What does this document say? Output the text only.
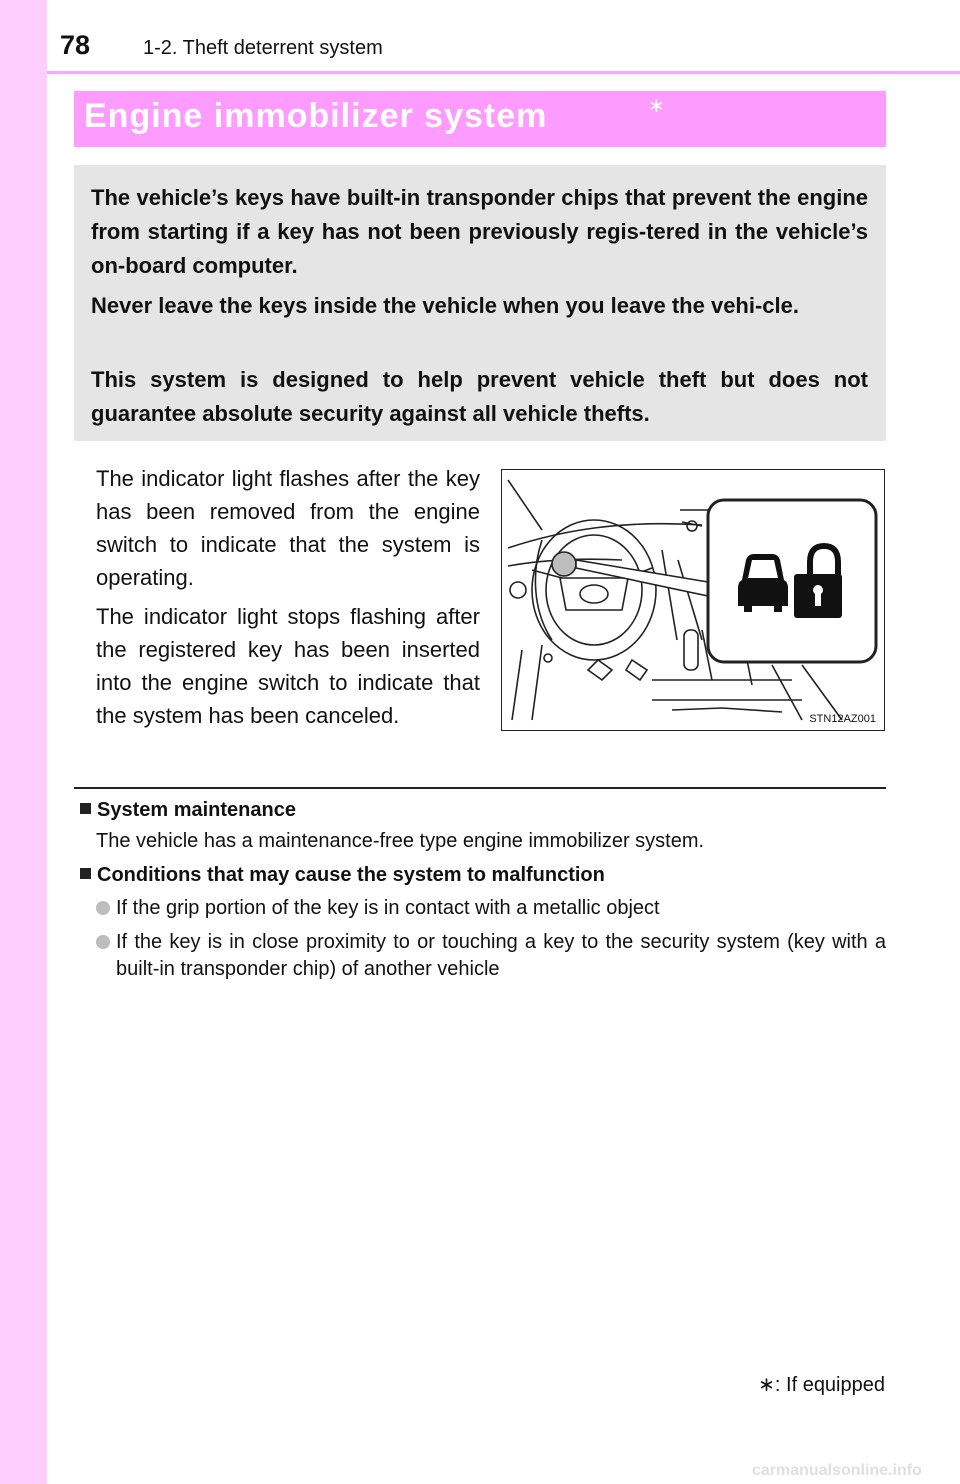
78	1-2. Theft deterrent system
Engine immobilizer system	∗

The vehicle’s keys have built-in transponder chips that prevent the engine from starting if a key has not been previously regis-tered in the vehicle’s on-board computer.

Never leave the keys inside the vehicle when you leave the vehi-cle.

This system is designed to help prevent vehicle theft but does not guarantee absolute security against all vehicle thefts.

The indicator light flashes after the key has been removed from the engine switch to indicate that the system is operating.

The indicator light stops flashing after the registered key has been inserted into the engine switch to indicate that the system has been canceled.	STN12AZ001
System maintenance
The vehicle has a maintenance-free type engine immobilizer system.
Conditions that may cause the system to malfunction
If the grip portion of the key is in contact with a metallic object
If the key is in close proximity to or touching a key to the security system (key with a built-in transponder chip) of another vehicle
∗: If equipped
carmanualsonline.info
